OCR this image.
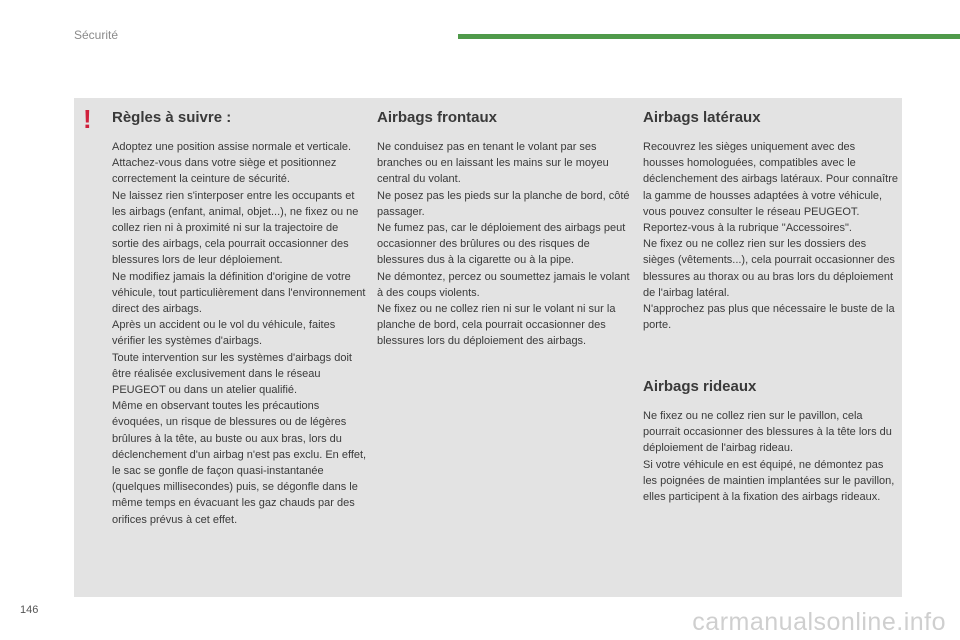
Sécurité
! Règles à suivre :

Adoptez une position assise normale et verticale.

Attachez-vous dans votre siège et positionnez correctement la ceinture de sécurité.

Ne laissez rien s'interposer entre les occupants et les airbags (enfant, animal, objet...), ne fixez ou ne collez rien ni à proximité ni sur la trajectoire de sortie des airbags, cela pourrait occasionner des blessures lors de leur déploiement.

Ne modifiez jamais la définition d'origine de votre véhicule, tout particulièrement dans l'environnement direct des airbags.

Après un accident ou le vol du véhicule, faites vérifier les systèmes d'airbags.

Toute intervention sur les systèmes d'airbags doit être réalisée exclusivement dans le réseau PEUGEOT ou dans un atelier qualifié.

Même en observant toutes les précautions évoquées, un risque de blessures ou de légères brûlures à la tête, au buste ou aux bras, lors du déclenchement d'un airbag n'est pas exclu. En effet, le sac se gonfle de façon quasi-instantanée (quelques millisecondes) puis, se dégonfle dans le même temps en évacuant les gaz chauds par des orifices prévus à cet effet.

Airbags frontaux

Ne conduisez pas en tenant le volant par ses branches ou en laissant les mains sur le moyeu central du volant.

Ne posez pas les pieds sur la planche de bord, côté passager.

Ne fumez pas, car le déploiement des airbags peut occasionner des brûlures ou des risques de blessures dus à la cigarette ou à la pipe.

Ne démontez, percez ou soumettez jamais le volant à des coups violents.

Ne fixez ou ne collez rien ni sur le volant ni sur la planche de bord, cela pourrait occasionner des blessures lors du déploiement des airbags.

Airbags latéraux

Recouvrez les sièges uniquement avec des housses homologuées, compatibles avec le déclenchement des airbags latéraux. Pour connaître la gamme de housses adaptées à votre véhicule, vous pouvez consulter le réseau PEUGEOT.

Reportez-vous à la rubrique "Accessoires".

Ne fixez ou ne collez rien sur les dossiers des sièges (vêtements...), cela pourrait occasionner des blessures au thorax ou au bras lors du déploiement de l'airbag latéral.

N'approchez pas plus que nécessaire le buste de la porte.

Airbags rideaux

Ne fixez ou ne collez rien sur le pavillon, cela pourrait occasionner des blessures à la tête lors du déploiement de l'airbag rideau.

Si votre véhicule en est équipé, ne démontez pas les poignées de maintien implantées sur le pavillon, elles participent à la fixation des airbags rideaux.

146	carmanualsonline.info
